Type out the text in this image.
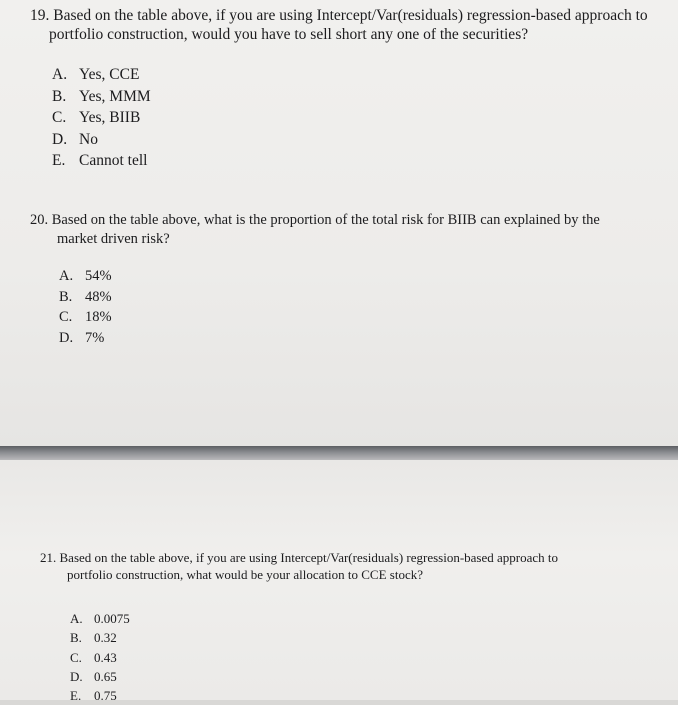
19. Based on the table above, if you are using Intercept/Var(residuals) regression-based approach to
portfolio construction, would you have to sell short any one of the securities?

A. Yes, CCE
B. Yes, MMM
C. Yes, BIIB
D. No
E. Cannot tell

20. Based on the table above, what is the proportion of the total risk for BIIB can explained by the
market driven risk?

A. 54%
B. 48%
C. 18%
D. 7%

21. Based on the table above, if you are using Intercept/Var(residuals) regression-based approach to
portfolio construction, what would be your allocation to CCE stock?

A. 0.0075
B. 0.32
C. 0.43
D. 0.65
E. 0.75
